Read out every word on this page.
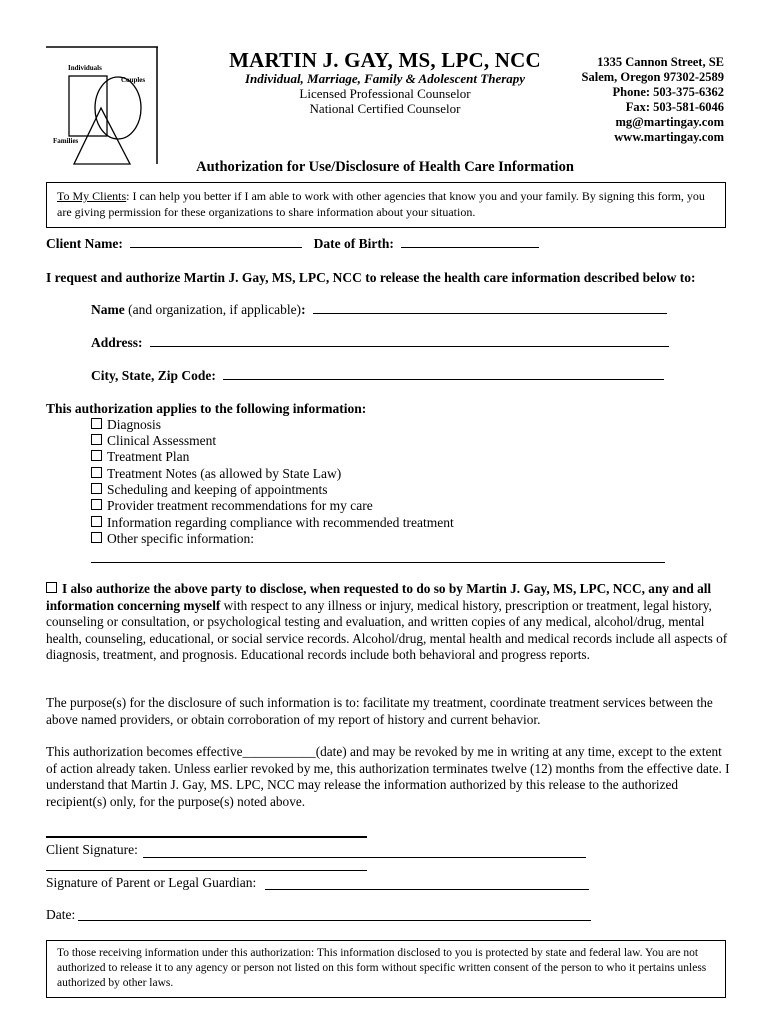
Individuals
Couples
Families
MARTIN J. GAY, MS, LPC, NCC
Individual, Marriage, Family & Adolescent Therapy
Licensed Professional Counselor
National Certified Counselor
1335 Cannon Street, SE
Salem, Oregon 97302-2589
Phone: 503-375-6362
Fax: 503-581-6046
mg@martingay.com
www.martingay.com
Authorization for Use/Disclosure of Health Care Information
To My Clients: I can help you better if I am able to work with other agencies that know you and your family. By signing this form, you are giving permission for these organizations to share information about your situation.
Client Name:	Date of Birth:
I request and authorize Martin J. Gay, MS, LPC, NCC to release the health care information described below to:
Name (and organization, if applicable):
Address:
City, State, Zip Code:
This authorization applies to the following information:
Diagnosis
Clinical Assessment
Treatment Plan
Treatment Notes (as allowed by State Law)
Scheduling and keeping of appointments
Provider treatment recommendations for my care
Information regarding compliance with recommended treatment
Other specific information:
I also authorize the above party to disclose, when requested to do so by Martin J. Gay, MS, LPC, NCC, any and all information concerning myself with respect to any illness or injury, medical history, prescription or treatment, legal history, counseling or consultation, or psychological testing and evaluation, and written copies of any medical, alcohol/drug, mental health, counseling, educational, or social service records. Alcohol/drug, mental health and medical records include all aspects of diagnosis, treatment, and prognosis. Educational records include both behavioral and progress reports.
The purpose(s) for the disclosure of such information is to: facilitate my treatment, coordinate treatment services between the above named providers, or obtain corroboration of my report of history and current behavior.
This authorization becomes effective___________(date) and may be revoked by me in writing at any time, except to the extent of action already taken. Unless earlier revoked by me, this authorization terminates twelve (12) months from the effective date. I understand that Martin J. Gay, MS. LPC, NCC may release the information authorized by this release to the authorized recipient(s) only, for the purpose(s) noted above.
Client Signature:
Signature of Parent or Legal Guardian:
Date:
To those receiving information under this authorization: This information disclosed to you is protected by state and federal law. You are not authorized to release it to any agency or person not listed on this form without specific written consent of the person to who it pertains unless authorized by other laws.
